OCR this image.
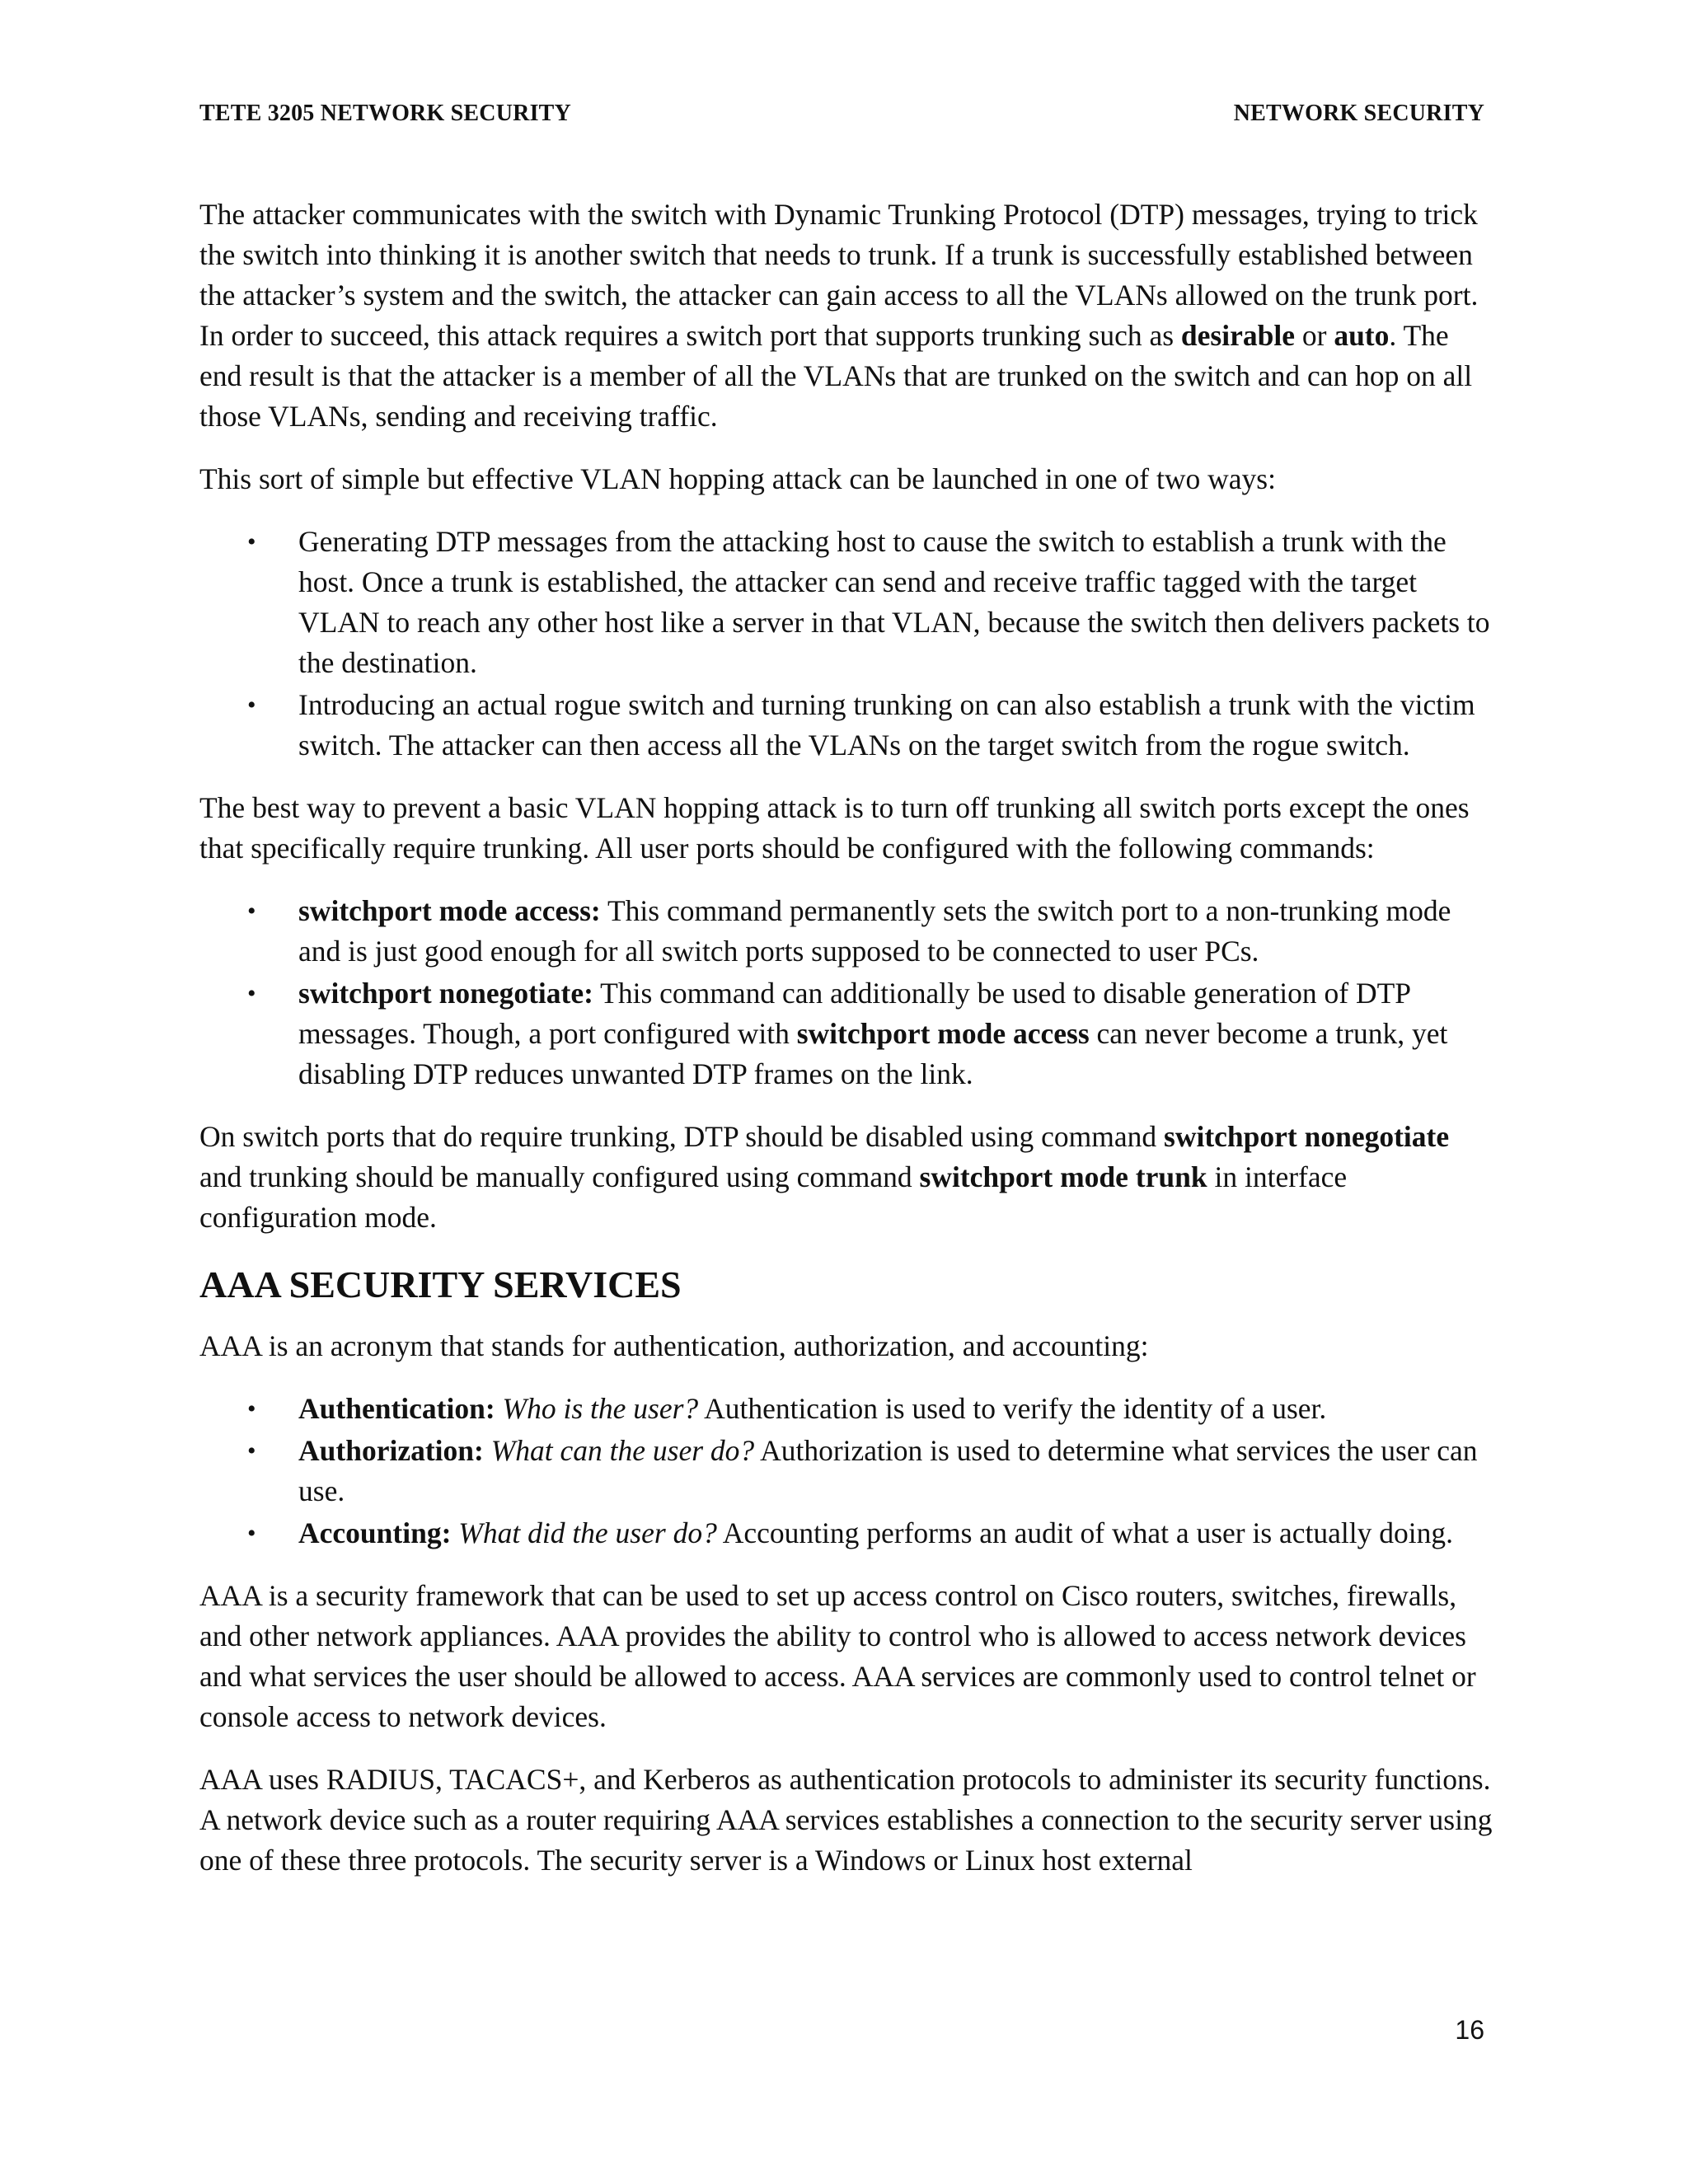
TETE 3205 NETWORK SECURITY	NETWORK SECURITY

The attacker communicates with the switch with Dynamic Trunking Protocol (DTP) messages, trying to trick the switch into thinking it is another switch that needs to trunk. If a trunk is successfully established between the attacker’s system and the switch, the attacker can gain access to all the VLANs allowed on the trunk port. In order to succeed, this attack requires a switch port that supports trunking such as desirable or auto. The end result is that the attacker is a member of all the VLANs that are trunked on the switch and can hop on all those VLANs, sending and receiving traffic.

This sort of simple but effective VLAN hopping attack can be launched in one of two ways:

• Generating DTP messages from the attacking host to cause the switch to establish a trunk with the host. Once a trunk is established, the attacker can send and receive traffic tagged with the target VLAN to reach any other host like a server in that VLAN, because the switch then delivers packets to the destination.
• Introducing an actual rogue switch and turning trunking on can also establish a trunk with the victim switch. The attacker can then access all the VLANs on the target switch from the rogue switch.

The best way to prevent a basic VLAN hopping attack is to turn off trunking all switch ports except the ones that specifically require trunking. All user ports should be configured with the following commands:

• switchport mode access: This command permanently sets the switch port to a non-trunking mode and is just good enough for all switch ports supposed to be connected to user PCs.
• switchport nonegotiate: This command can additionally be used to disable generation of DTP messages. Though, a port configured with switchport mode access can never become a trunk, yet disabling DTP reduces unwanted DTP frames on the link.

On switch ports that do require trunking, DTP should be disabled using command switchport nonegotiate and trunking should be manually configured using command switchport mode trunk in interface configuration mode.

AAA SECURITY SERVICES

AAA is an acronym that stands for authentication, authorization, and accounting:

• Authentication: Who is the user? Authentication is used to verify the identity of a user.
• Authorization: What can the user do? Authorization is used to determine what services the user can use.
• Accounting: What did the user do? Accounting performs an audit of what a user is actually doing.

AAA is a security framework that can be used to set up access control on Cisco routers, switches, firewalls, and other network appliances. AAA provides the ability to control who is allowed to access network devices and what services the user should be allowed to access. AAA services are commonly used to control telnet or console access to network devices.

AAA uses RADIUS, TACACS+, and Kerberos as authentication protocols to administer its security functions. A network device such as a router requiring AAA services establishes a connection to the security server using one of these three protocols. The security server is a Windows or Linux host external

16
